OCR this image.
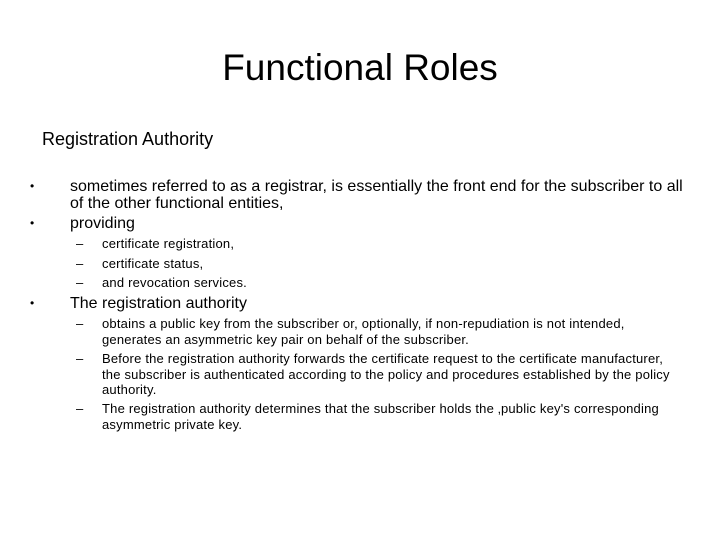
Functional Roles
Registration Authority
•	sometimes referred to as a registrar, is essentially the front end for the subscriber to all of the other functional entities,
•	providing
– certificate registration,
– certificate status,
– and revocation services.
•	The registration authority
– obtains a public key from the subscriber or, optionally, if non-repudiation is not intended, generates an asymmetric key pair on behalf of the subscriber.
– Before the registration authority forwards the certificate request to the certificate manufacturer, the subscriber is authenticated according to the policy and procedures established by the policy authority.
– The registration authority determines that the subscriber holds the ‚public key's corresponding asymmetric private key.
